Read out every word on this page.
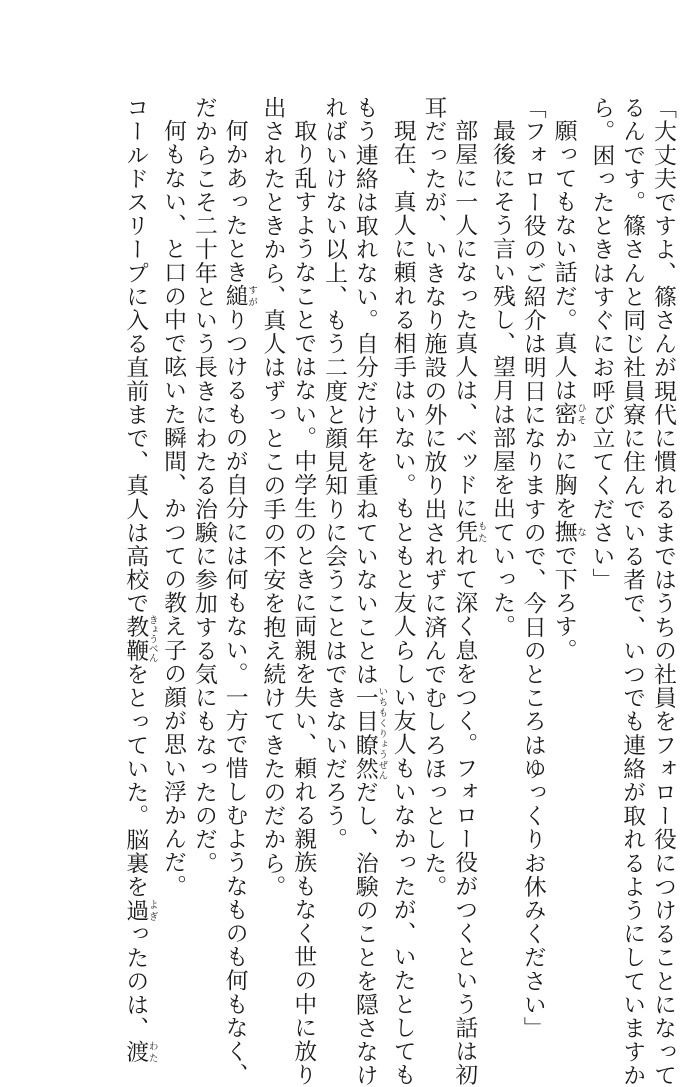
「大丈夫ですよ、篠さんが現代に慣れるまではうちの社員をフォロー役につけることになって
るんです。篠さんと同じ社員寮に住んでいる者で、いつでも連絡が取れるようにしていますか
ら。困ったときはすぐにお呼び立てください」
願ってもない話だ。真人は密ひそかに胸を撫なで下ろす。
「フォロー役のご紹介は明日になりますので、今日のところはゆっくりお休みください」
最後にそう言い残し、望月は部屋を出ていった。
部屋に一人になった真人は、ベッドに凭もたれて深く息をつく。フォロー役がつくという話は初
耳だったが、いきなり施設の外に放り出されずに済んでむしろほっとした。
現在、真人に頼れる相手はいない。もともと友人らしい友人もいなかったが、いたとしても
もう連絡は取れない。自分だけ年を重ねていないことは一目瞭然いちもくりょうぜんだし、治験のことを隠さなけ
ればいけない以上、もう二度と顔見知りに会うことはできないだろう。
取り乱すようなことではない。中学生のときに両親を失い、頼れる親族もなく世の中に放り
出されたときから、真人はずっとこの手の不安を抱え続けてきたのだから。
何かあったとき縋すがりつけるものが自分には何もない。一方で惜しむようなものも何もなく、
だからこそ二十年という長きにわたる治験に参加する気にもなったのだ。
何もない、と口の中で呟いた瞬間、かつての教え子の顔が思い浮かんだ。
コールドスリープに入る直前まで、真人は高校で教鞭きょうべんをとっていた。脳裏を過よぎったのは、渡わた
